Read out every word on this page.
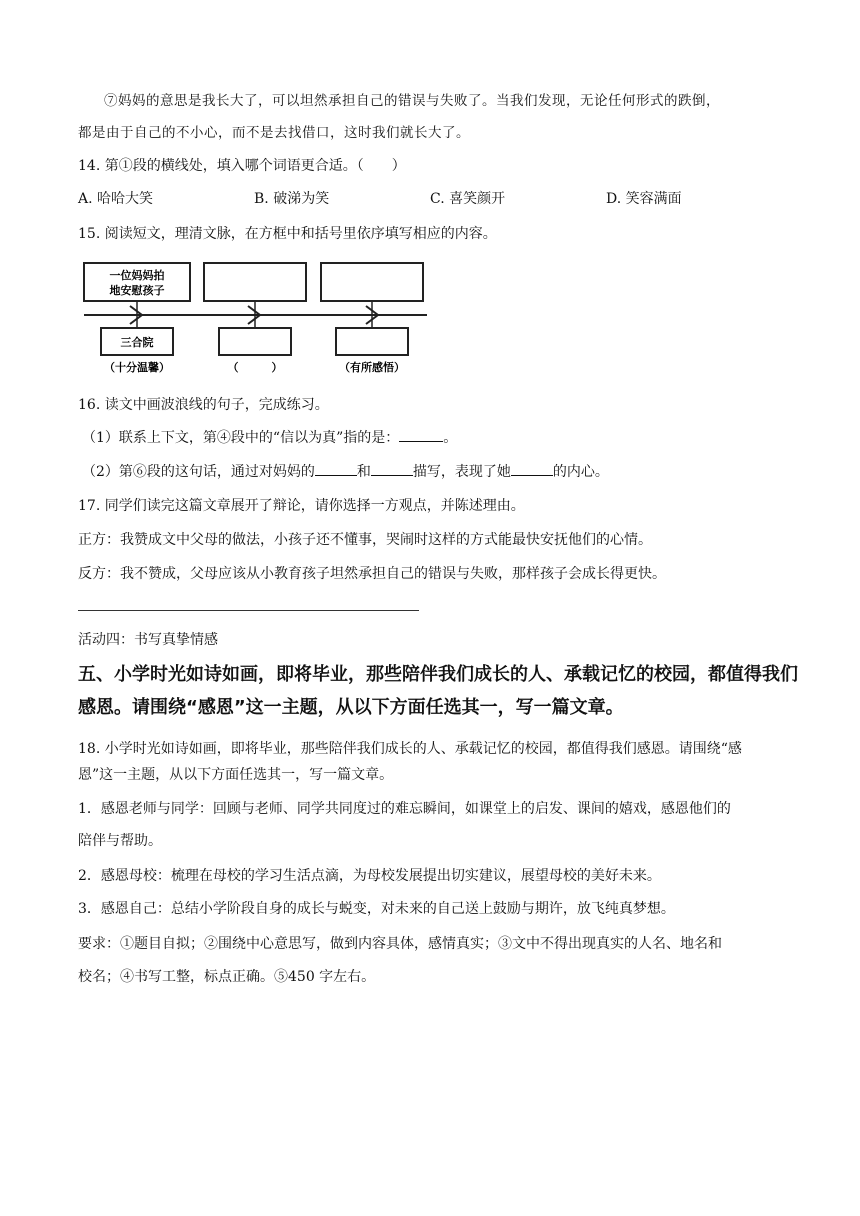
⑦妈妈的意思是我长大了，可以坦然承担自己的错误与失败了。当我们发现，无论任何形式的跌倒，
都是由于自己的不小心，而不是去找借口，这时我们就长大了。
14. 第①段的横线处，填入哪个词语更合适。（　　）
A. 哈哈大笑	B. 破涕为笑	C. 喜笑颜开	D. 笑容满面
15. 阅读短文，理清文脉，在方框中和括号里依序填写相应的内容。
一位妈妈拍
地安慰孩子
三合院
（十分温馨）	（　　　）	（有所感悟）
16. 读文中画波浪线的句子，完成练习。
（1）联系上下文，第④段中的“信以为真”指的是：	。
（2）第⑥段的这句话，通过对妈妈的	和	描写，表现了她	的内心。
17. 同学们读完这篇文章展开了辩论，请你选择一方观点，并陈述理由。
正方：我赞成文中父母的做法，小孩子还不懂事，哭闹时这样的方式能最快安抚他们的心情。
反方：我不赞成，父母应该从小教育孩子坦然承担自己的错误与失败，那样孩子会成长得更快。
活动四：书写真挚情感
五、小学时光如诗如画，即将毕业，那些陪伴我们成长的人、承载记忆的校园，都值得我们
感恩。请围绕“感恩”这一主题，从以下方面任选其一，写一篇文章。
18. 小学时光如诗如画，即将毕业，那些陪伴我们成长的人、承载记忆的校园，都值得我们感恩。请围绕“感
恩”这一主题，从以下方面任选其一，写一篇文章。
1．感恩老师与同学：回顾与老师、同学共同度过的难忘瞬间，如课堂上的启发、课间的嬉戏，感恩他们的
陪伴与帮助。
2．感恩母校：梳理在母校的学习生活点滴，为母校发展提出切实建议，展望母校的美好未来。
3．感恩自己：总结小学阶段自身的成长与蜕变，对未来的自己送上鼓励与期许，放飞纯真梦想。
要求：①题目自拟；②围绕中心意思写，做到内容具体，感情真实；③文中不得出现真实的人名、地名和
校名；④书写工整，标点正确。⑤450 字左右。
